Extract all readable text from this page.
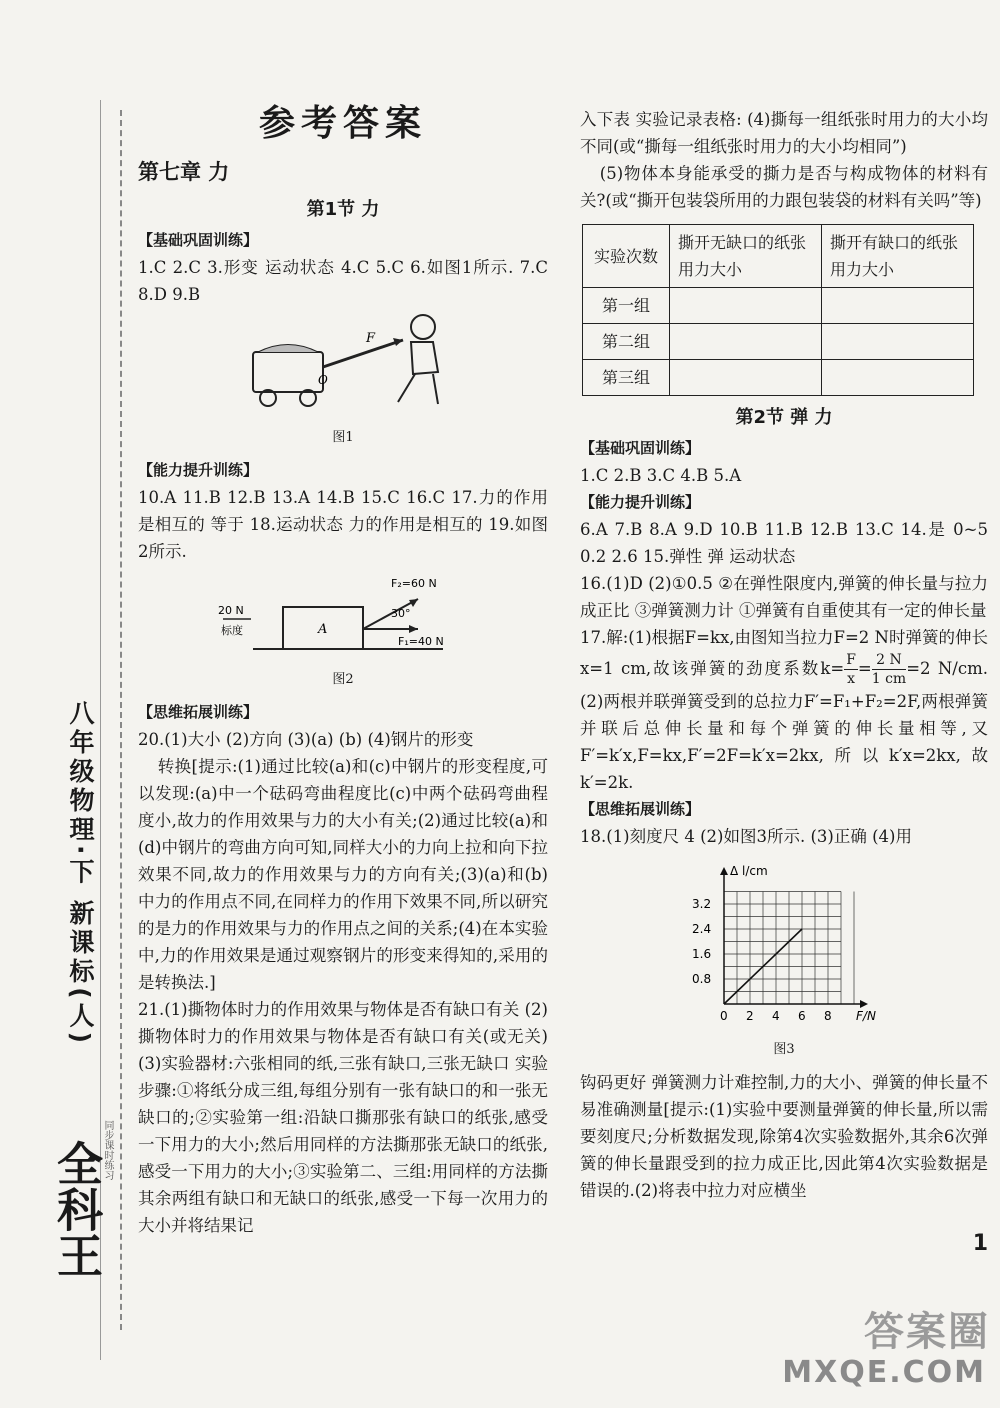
八年级物理·下 新课标(人)
全科王
同步课时练习
参考答案
第七章 力
第1节 力
【基础巩固训练】

1.C 2.C 3.形变 运动状态 4.C 5.C 6.如图1所示. 7.C 8.D 9.B

F
O
图1
【能力提升训练】

10.A 11.B 12.B 13.A 14.B 15.C 16.C 17.力的作用是相互的 等于 18.运动状态 力的作用是相互的 19.如图2所示.

20 N
标度	A
F₂=60 N
30°
F₁=40 N
图2
【思维拓展训练】

20.(1)大小 (2)方向 (3)(a) (b) (4)钢片的形变

转换[提示:(1)通过比较(a)和(c)中钢片的形变程度,可以发现:(a)中一个砝码弯曲程度比(c)中两个砝码弯曲程度小,故力的作用效果与力的大小有关;(2)通过比较(a)和(d)中钢片的弯曲方向可知,同样大小的力向上拉和向下拉效果不同,故力的作用效果与力的方向有关;(3)(a)和(b)中力的作用点不同,在同样力的作用下效果不同,所以研究的是力的作用效果与力的作用点之间的关系;(4)在本实验中,力的作用效果是通过观察钢片的形变来得知的,采用的是转换法.]

21.(1)撕物体时力的作用效果与物体是否有缺口有关 (2)撕物体时力的作用效果与物体是否有缺口有关(或无关) (3)实验器材:六张相同的纸,三张有缺口,三张无缺口 实验步骤:①将纸分成三组,每组分别有一张有缺口的和一张无缺口的;②实验第一组:沿缺口撕那张有缺口的纸张,感受一下用力的大小;然后用同样的方法撕那张无缺口的纸张,感受一下用力的大小;③实验第二、三组:用同样的方法撕其余两组有缺口和无缺口的纸张,感受一下每一次用力的大小并将结果记

入下表 实验记录表格: (4)撕每一组纸张时用力的大小均不同(或“撕每一组纸张时用力的大小均相同”)

(5)物体本身能承受的撕力是否与构成物体的材料有关?(或“撕开包装袋所用的力跟包装袋的材料有关吗”等)

实验次数	撕开无缺口的纸张用力大小	撕开有缺口的纸张用力大小
第一组		
第二组		
第三组		
第2节 弹 力
【基础巩固训练】

1.C 2.B 3.C 4.B 5.A

【能力提升训练】

6.A 7.B 8.A 9.D 10.B 11.B 12.B 13.C 14.是 0~5 0.2 2.6 15.弹性 弹 运动状态

16.(1)D (2)①0.5 ②在弹性限度内,弹簧的伸长量与拉力成正比 ③弹簧测力计 ①弹簧有自重使其有一定的伸长量

17.解:(1)根据F=kx,由图知当拉力F=2 N时弹簧的伸长x=1 cm,故该弹簧的劲度系数$k= \frac{F}{x} = \frac{2 N}{1 cm} =2$ N/cm. (2)两根并联弹簧受到的总拉力F′=F₁+F₂=2F,两根弹簧并联后总伸长量和每个弹簧的伸长量相等,又F′=k′x,F=kx,F′=2F=k′x=2kx,所以k′x=2kx,故k′=2k.

【思维拓展训练】

18.(1)刻度尺 4 (2)如图3所示. (3)正确 (4)用

0 2 4 6 8
0.8
1.6
2.4
3.2
F/N
Δ l/cm
图3

钩码更好 弹簧测力计难控制,力的大小、弹簧的伸长量不易准确测量[提示:(1)实验中要测量弹簧的伸长量,所以需要刻度尺;分析数据发现,除第4次实验数据外,其余6次弹簧的伸长量跟受到的拉力成正比,因此第4次实验数据是错误的.(2)将表中拉力对应横坐

1
答案圈
MXQE.COM
